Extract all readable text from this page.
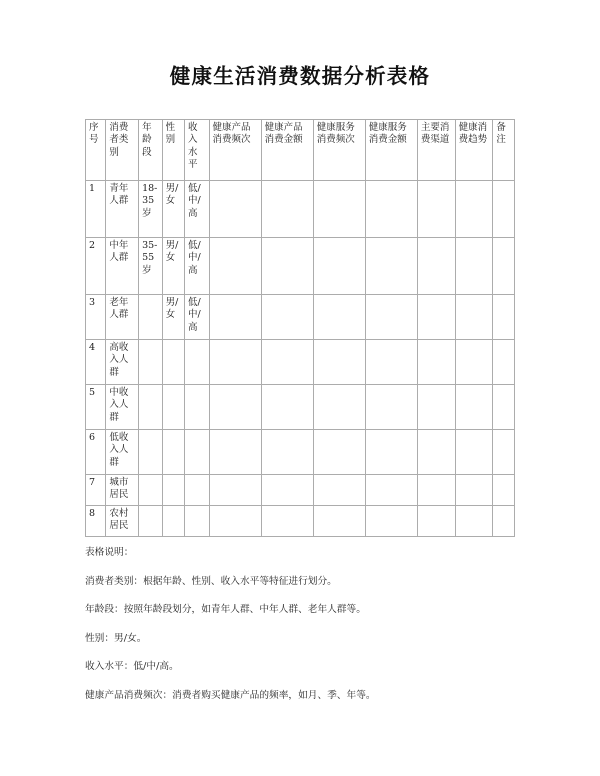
健康生活消费数据分析表格
序号	消费者类别	年龄段	性别	收入水平	健康产品消费频次	健康产品消费金额	健康服务消费频次	健康服务消费金额	主要消费渠道	健康消费趋势	备注
1	青年人群	18-35岁	男/女	低/中/高							
2	中年人群	35-55岁	男/女	低/中/高							
3	老年人群		男/女	低/中/高							
4	高收入人群										
5	中收入人群										
6	低收入人群										
7	城市居民										
8	农村居民										

表格说明：

消费者类别：根据年龄、性别、收入水平等特征进行划分。

年龄段：按照年龄段划分，如青年人群、中年人群、老年人群等。

性别：男/女。

收入水平：低/中/高。

健康产品消费频次：消费者购买健康产品的频率，如月、季、年等。
